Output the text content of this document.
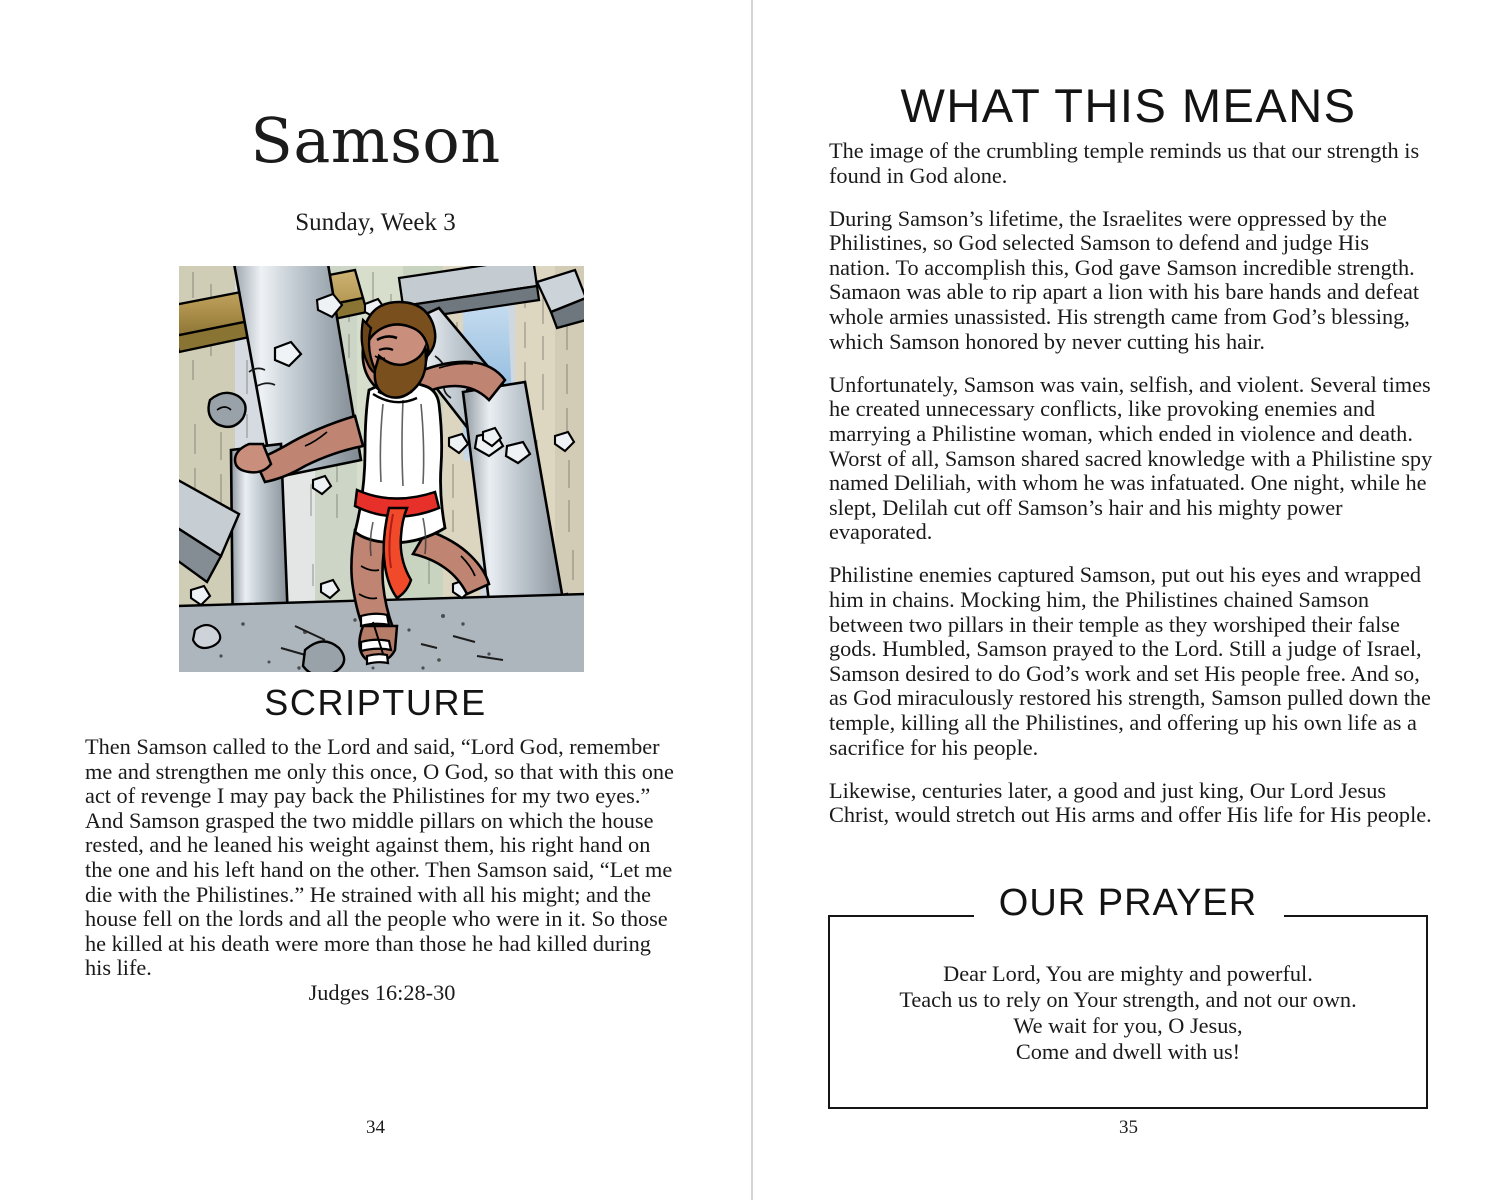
Samson
Sunday, Week 3
SCRIPTURE
Then Samson called to the Lord and said, “Lord God, remember me and strengthen me only this once, O God, so that with this one act of revenge I may pay back the Philistines for my two eyes.” And Samson grasped the two middle pillars on which the house rested, and he leaned his weight against them, his right hand on the one and his left hand on the other. Then Samson said, “Let me die with the Philistines.” He strained with all his might; and the house fell on the lords and all the people who were in it. So those he killed at his death were more than those he had killed during his life.
Judges 16:28-30
34
WHAT THIS MEANS

The image of the crumbling temple reminds us that our strength is found in God alone.

During Samson’s lifetime, the Israelites were oppressed by the Philistines, so God selected Samson to defend and judge His nation. To accomplish this, God gave Samson incredible strength. Samaon was able to rip apart a lion with his bare hands and defeat whole armies unassisted. His strength came from God’s blessing, which Samson honored by never cutting his hair.

Unfortunately, Samson was vain, selfish, and violent. Several times he created unnecessary conflicts, like provoking enemies and marrying a Philistine woman, which ended in violence and death. Worst of all, Samson shared sacred knowledge with a Philistine spy named Deliliah, with whom he was infatuated. One night, while he slept, Delilah cut off Samson’s hair and his mighty power evaporated.

Philistine enemies captured Samson, put out his eyes and wrapped him in chains. Mocking him, the Philistines chained Samson between two pillars in their temple as they worshiped their false gods. Humbled, Samson prayed to the Lord. Still a judge of Israel, Samson desired to do God’s work and set His people free. And so, as God miraculously restored his strength, Samson pulled down the temple, killing all the Philistines, and offering up his own life as a sacrifice for his people.

Likewise, centuries later, a good and just king, Our Lord Jesus Christ, would stretch out His arms and offer His life for His people.

OUR PRAYER
Dear Lord, You are mighty and powerful.
Teach us to rely on Your strength, and not our own.
We wait for you, O Jesus,
Come and dwell with us!
35
